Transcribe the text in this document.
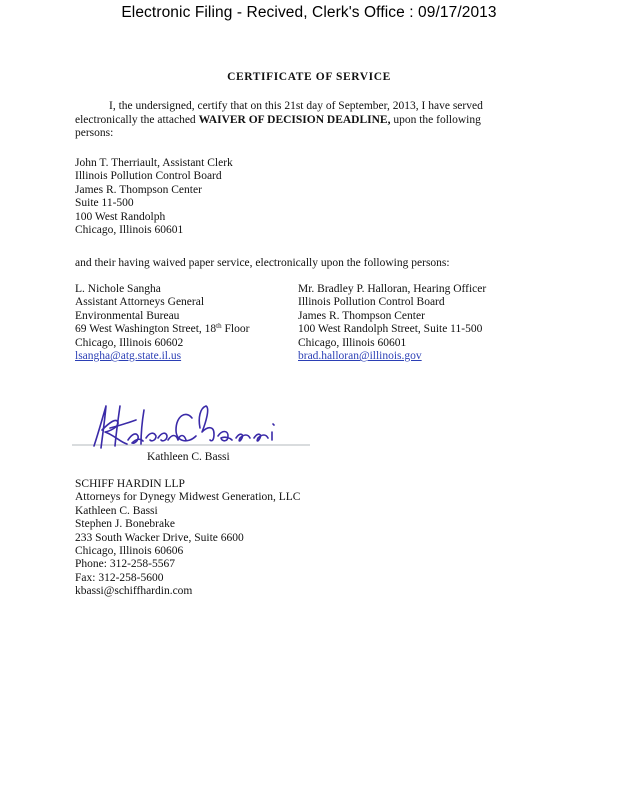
Electronic Filing - Recived, Clerk's Office : 09/17/2013
CERTIFICATE OF SERVICE
I, the undersigned, certify that on this 21st day of September, 2013, I have served electronically the attached WAIVER OF DECISION DEADLINE, upon the following persons:
John T. Therriault, Assistant Clerk
Illinois Pollution Control Board
James R. Thompson Center
Suite 11-500
100 West Randolph
Chicago, Illinois 60601
and their having waived paper service, electronically upon the following persons:
L. Nichole Sangha
Assistant Attorneys General
Environmental Bureau
69 West Washington Street, 18th Floor
Chicago, Illinois 60602
lsangha@atg.state.il.us
Mr. Bradley P. Halloran, Hearing Officer
Illinois Pollution Control Board
James R. Thompson Center
100 West Randolph Street, Suite 11-500
Chicago, Illinois 60601
brad.halloran@illinois.gov
Kathleen C. Bassi
SCHIFF HARDIN LLP
Attorneys for Dynegy Midwest Generation, LLC
Kathleen C. Bassi
Stephen J. Bonebrake
233 South Wacker Drive, Suite 6600
Chicago, Illinois 60606
Phone: 312-258-5567
Fax: 312-258-5600
kbassi@schiffhardin.com
